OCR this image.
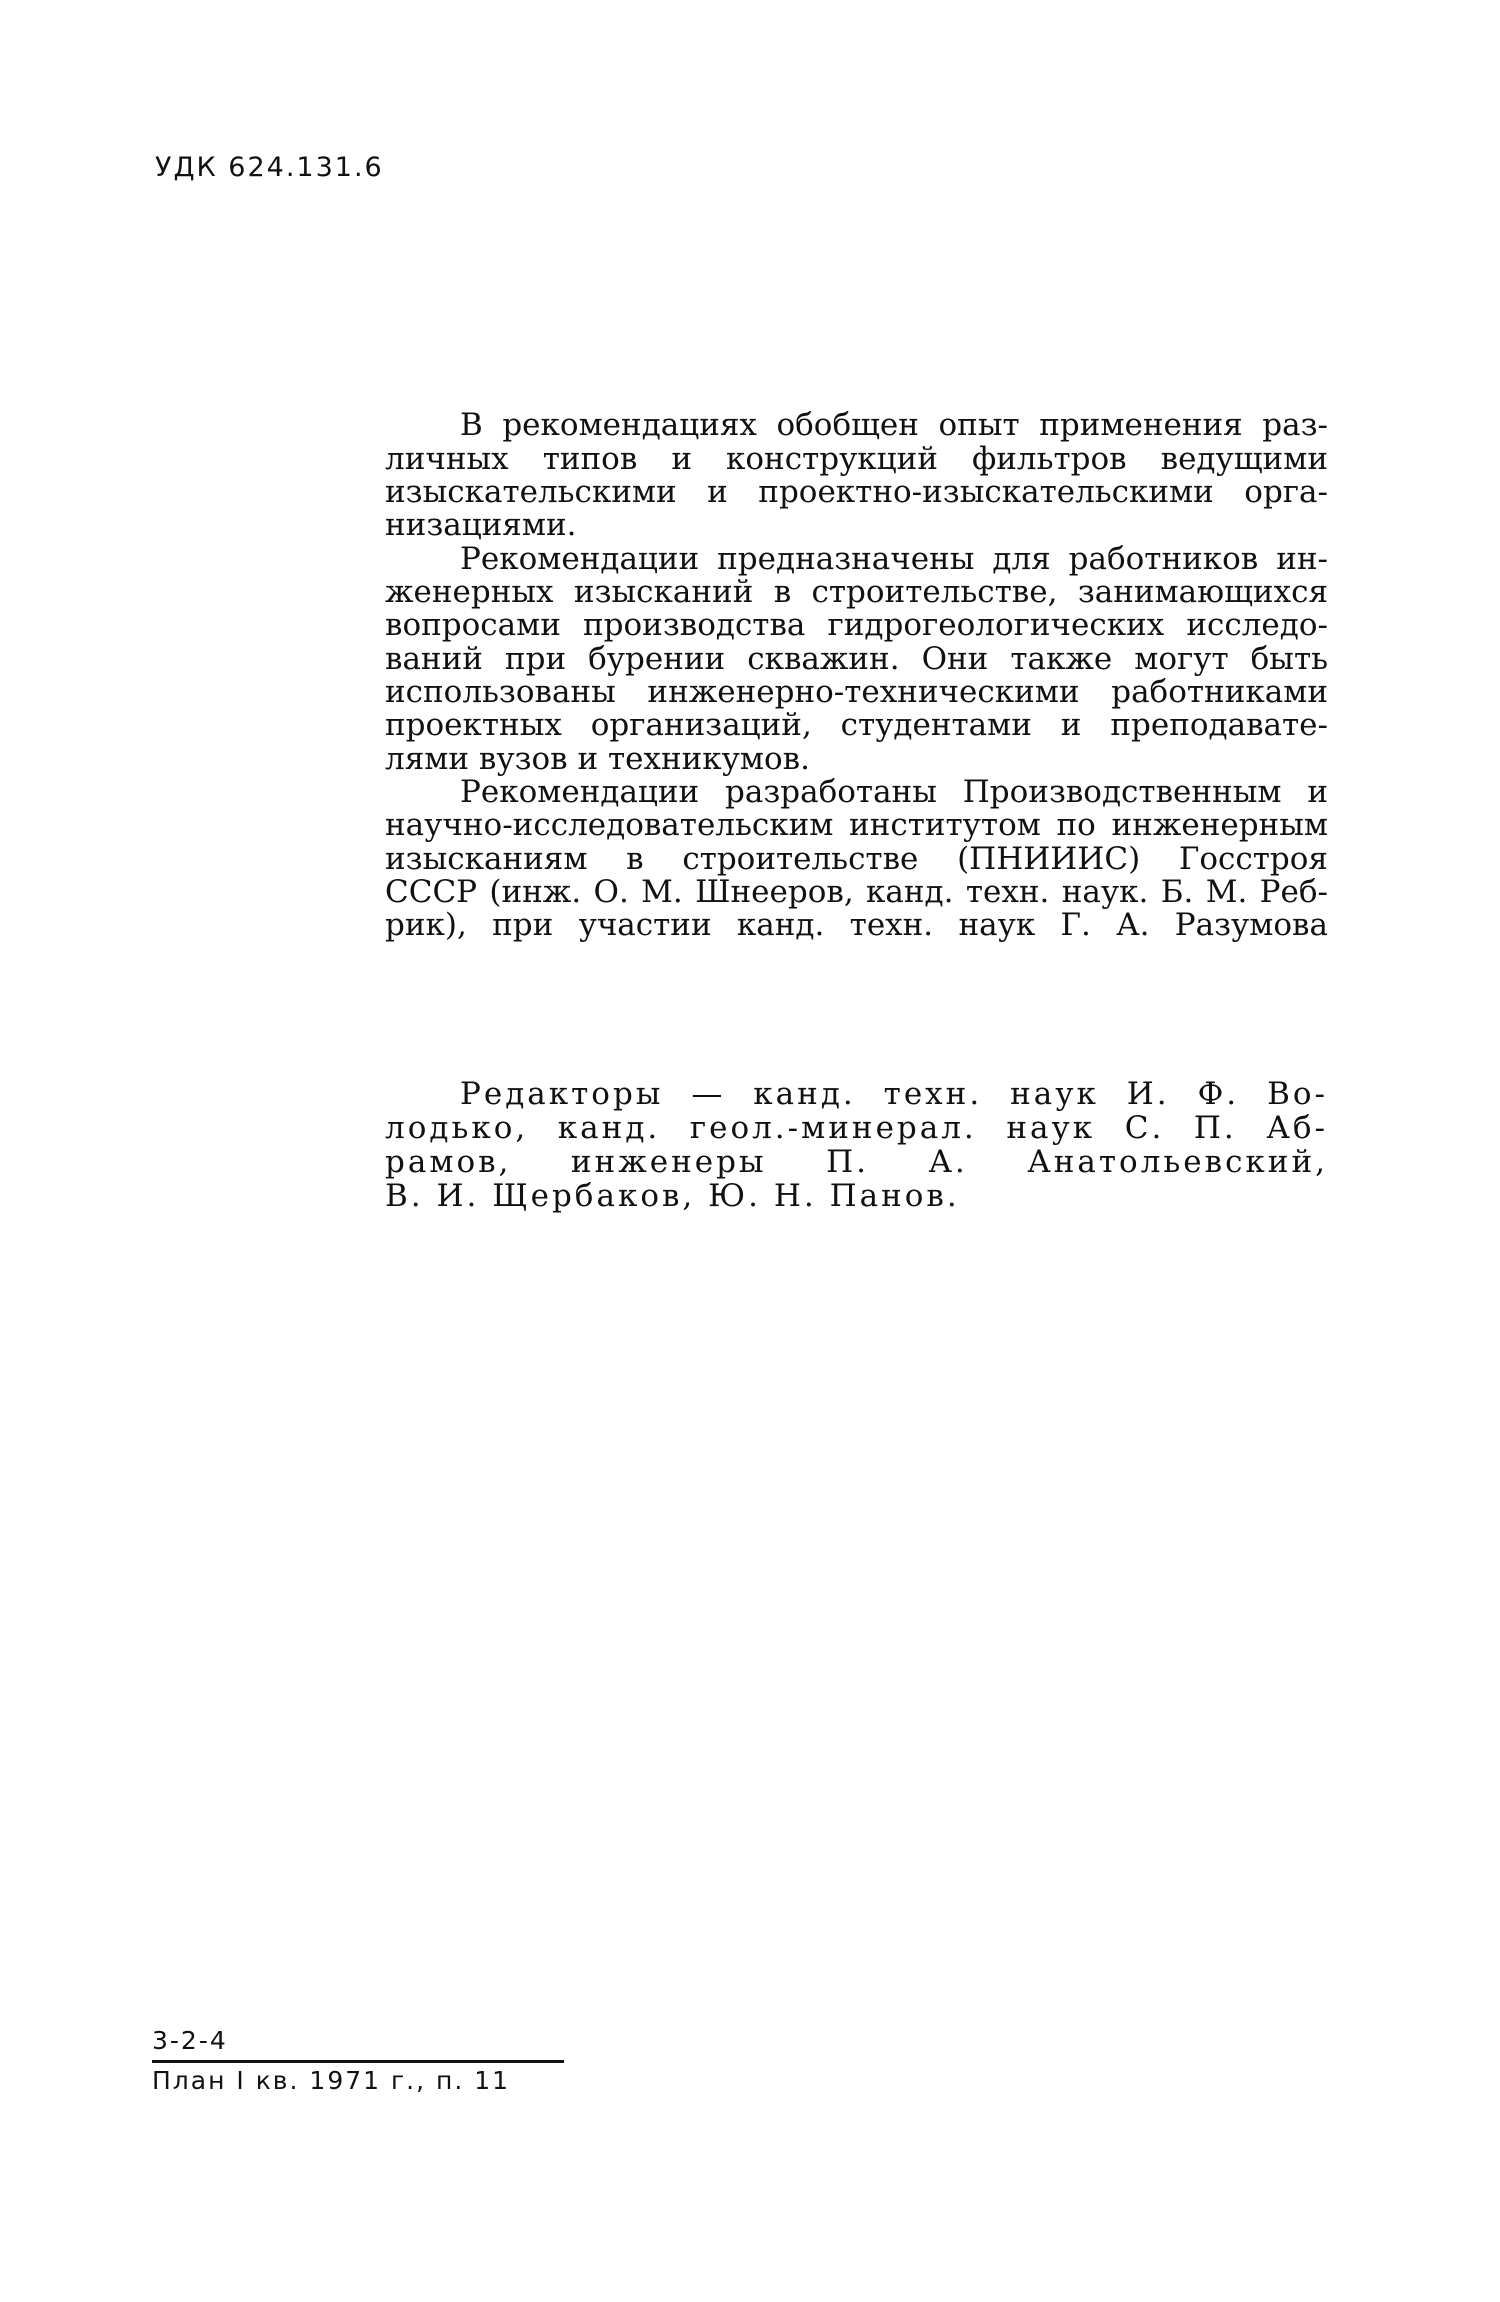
УДК 624.131.6

В рекомендациях обобщен опыт применения раз-
личных типов и конструкций фильтров ведущими
изыскательскими и проектно-изыскательскими орга-
низациями.
Рекомендации предназначены для работников ин-
женерных изысканий в строительстве, занимающихся
вопросами производства гидрогеологических исследо-
ваний при бурении скважин. Они также могут быть
использованы инженерно-техническими работниками
проектных организаций, студентами и преподавате-
лями вузов и техникумов.
Рекомендации разработаны Производственным и
научно-исследовательским институтом по инженерным
изысканиям в строительстве (ПНИИИС) Госстроя
СССР (инж. О. М. Шнееров, канд. техн. наук. Б. М. Реб-
рик), при участии канд. техн. наук Г. А. Разумова
Редакторы — канд. техн. наук И. Ф. Во-
лодько, канд. геол.-минерал. наук С. П. Аб-
рамов, инженеры П. А. Анатольевский,
В. И. Щербаков, Ю. Н. Панов.

3-2-4

План I кв. 1971 г., п. 11
